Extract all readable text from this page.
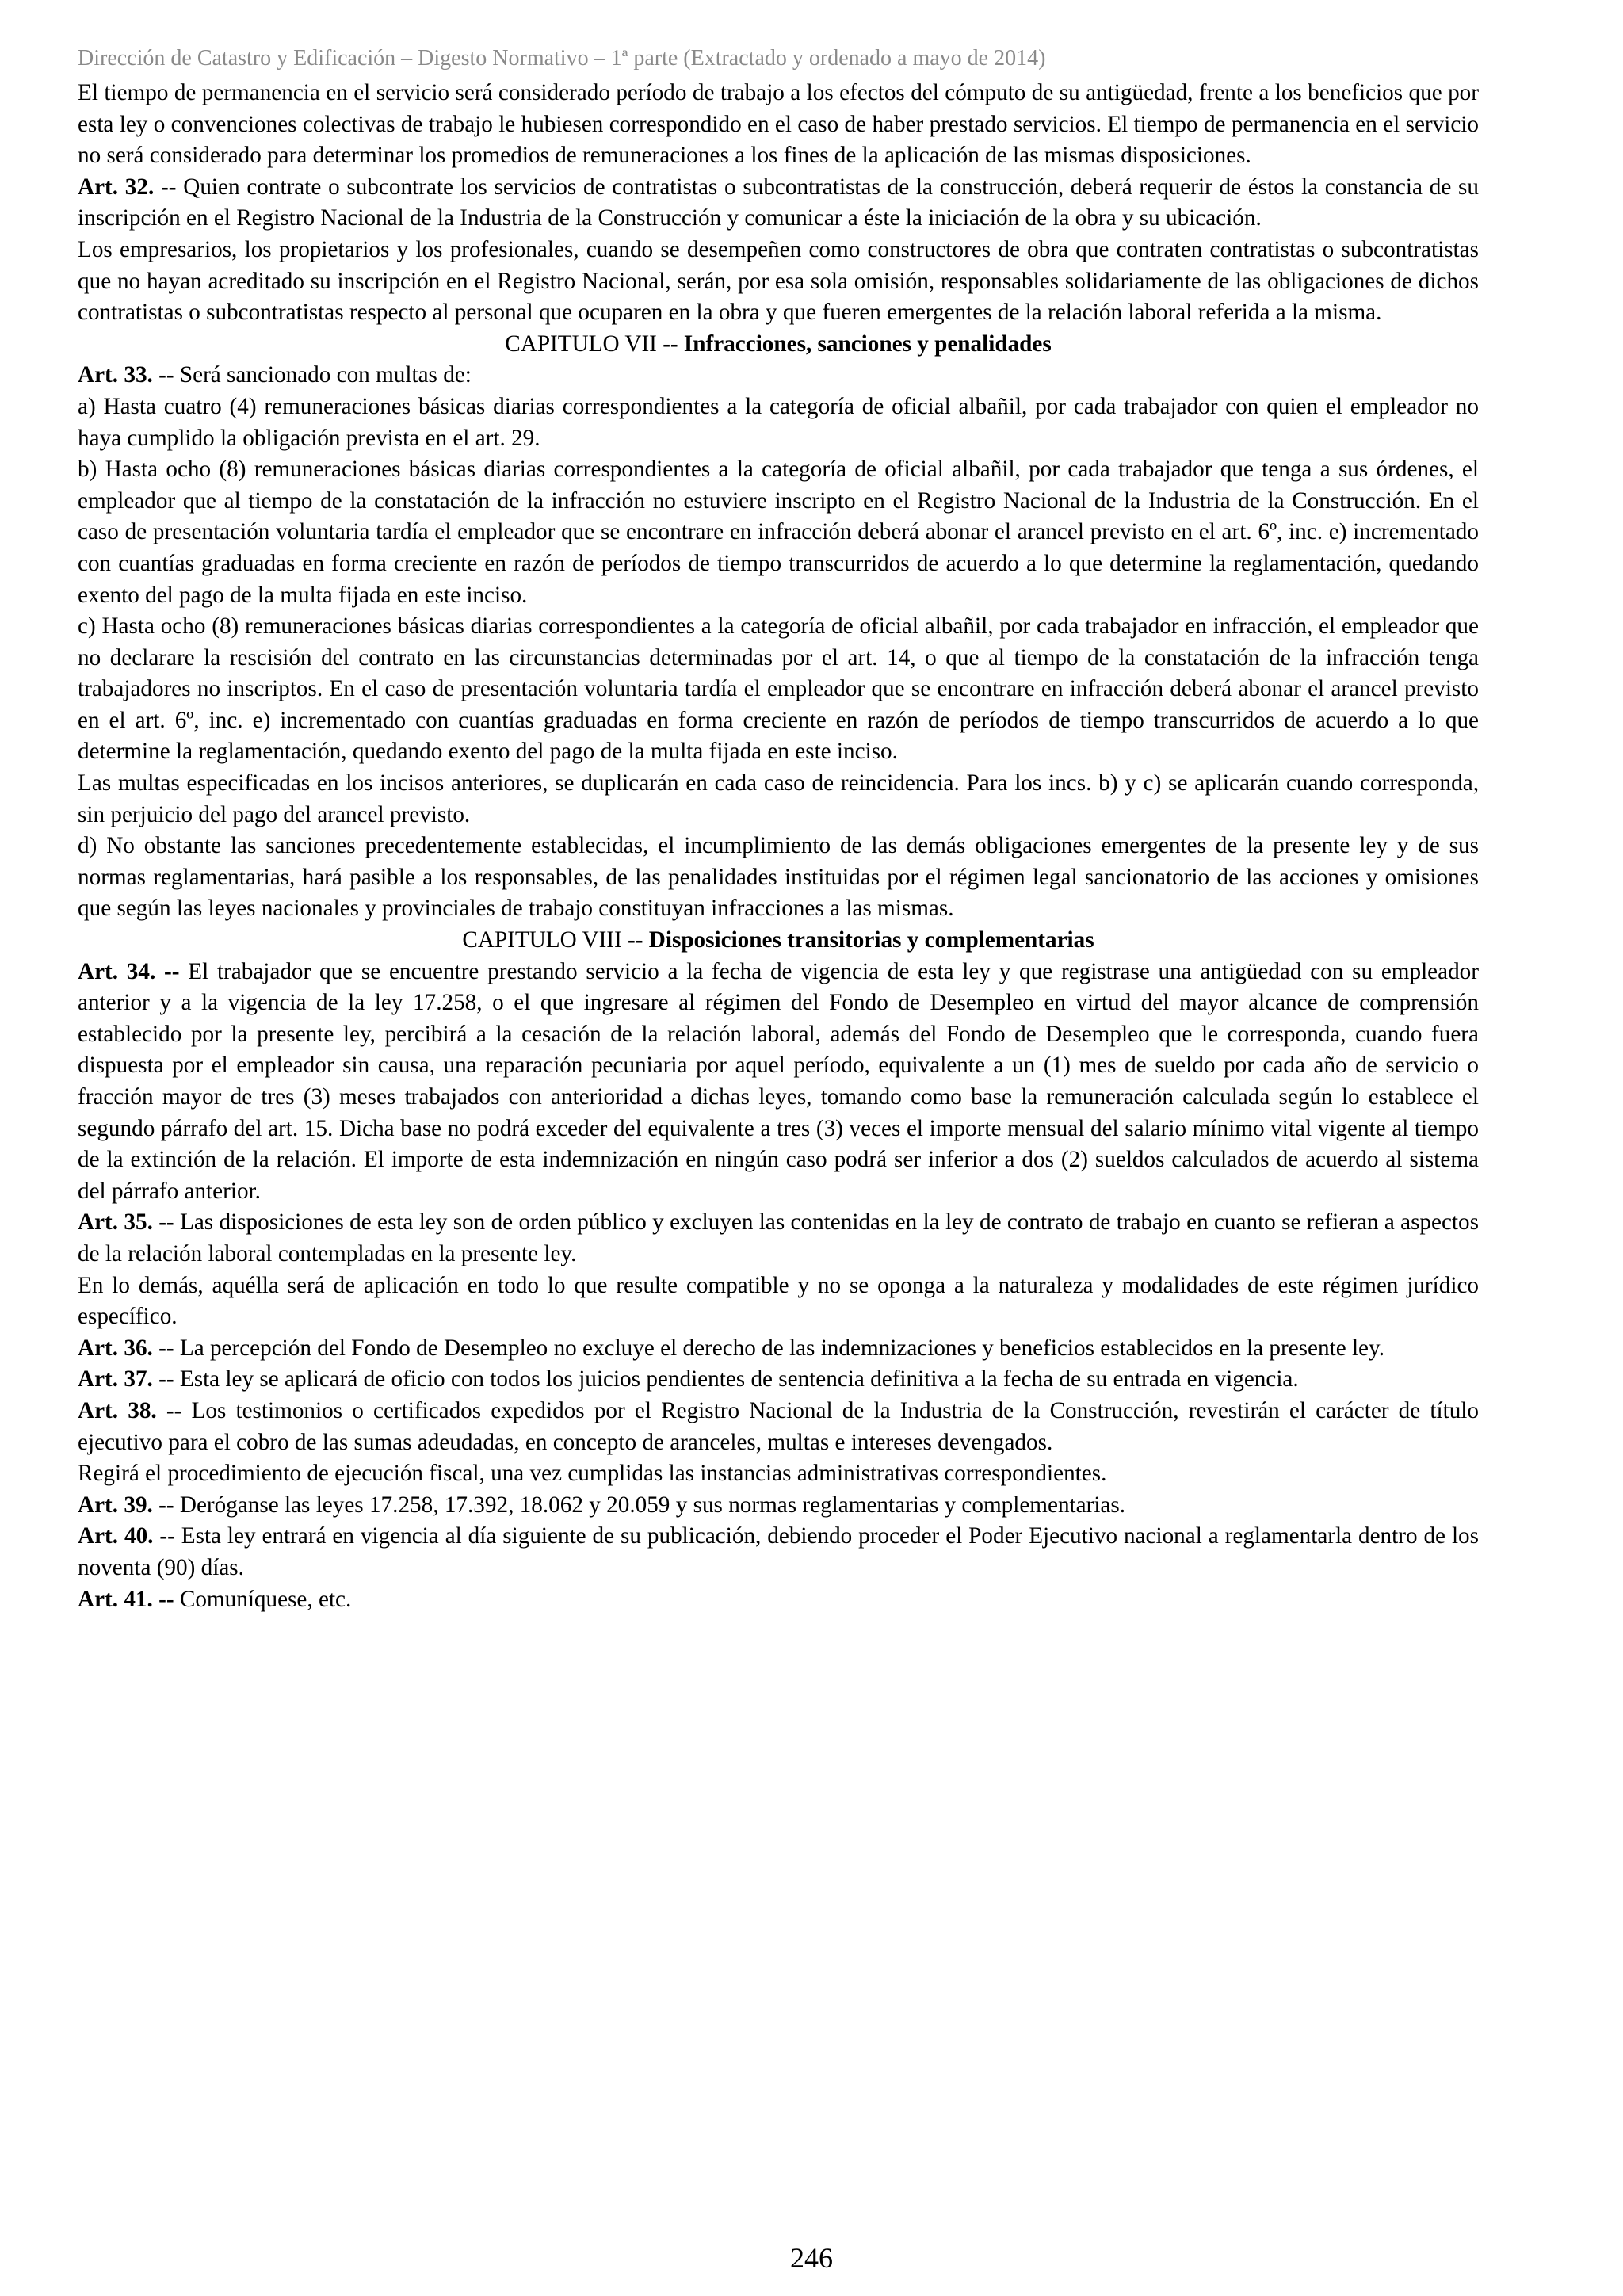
Dirección de Catastro y Edificación – Digesto Normativo – 1ª parte (Extractado y ordenado a mayo de 2014)

El tiempo de permanencia en el servicio será considerado período de trabajo a los efectos del cómputo de su antigüedad, frente a los beneficios que por esta ley o convenciones colectivas de trabajo le hubiesen correspondido en el caso de haber prestado servicios. El tiempo de permanencia en el servicio no será considerado para determinar los promedios de remuneraciones a los fines de la aplicación de las mismas disposiciones.

Art. 32. -- Quien contrate o subcontrate los servicios de contratistas o subcontratistas de la construcción, deberá requerir de éstos la constancia de su inscripción en el Registro Nacional de la Industria de la Construcción y comunicar a éste la iniciación de la obra y su ubicación.

Los empresarios, los propietarios y los profesionales, cuando se desempeñen como constructores de obra que contraten contratistas o subcontratistas que no hayan acreditado su inscripción en el Registro Nacional, serán, por esa sola omisión, responsables solidariamente de las obligaciones de dichos contratistas o subcontratistas respecto al personal que ocuparen en la obra y que fueren emergentes de la relación laboral referida a la misma.

CAPITULO VII -- Infracciones, sanciones y penalidades

Art. 33. -- Será sancionado con multas de:

a) Hasta cuatro (4) remuneraciones básicas diarias correspondientes a la categoría de oficial albañil, por cada trabajador con quien el empleador no haya cumplido la obligación prevista en el art. 29.

b) Hasta ocho (8) remuneraciones básicas diarias correspondientes a la categoría de oficial albañil, por cada trabajador que tenga a sus órdenes, el empleador que al tiempo de la constatación de la infracción no estuviere inscripto en el Registro Nacional de la Industria de la Construcción. En el caso de presentación voluntaria tardía el empleador que se encontrare en infracción deberá abonar el arancel previsto en el art. 6º, inc. e) incrementado con cuantías graduadas en forma creciente en razón de períodos de tiempo transcurridos de acuerdo a lo que determine la reglamentación, quedando exento del pago de la multa fijada en este inciso.

c) Hasta ocho (8) remuneraciones básicas diarias correspondientes a la categoría de oficial albañil, por cada trabajador en infracción, el empleador que no declarare la rescisión del contrato en las circunstancias determinadas por el art. 14, o que al tiempo de la constatación de la infracción tenga trabajadores no inscriptos. En el caso de presentación voluntaria tardía el empleador que se encontrare en infracción deberá abonar el arancel previsto en el art. 6º, inc. e) incrementado con cuantías graduadas en forma creciente en razón de períodos de tiempo transcurridos de acuerdo a lo que determine la reglamentación, quedando exento del pago de la multa fijada en este inciso.

Las multas especificadas en los incisos anteriores, se duplicarán en cada caso de reincidencia. Para los incs. b) y c) se aplicarán cuando corresponda, sin perjuicio del pago del arancel previsto.

d) No obstante las sanciones precedentemente establecidas, el incumplimiento de las demás obligaciones emergentes de la presente ley y de sus normas reglamentarias, hará pasible a los responsables, de las penalidades instituidas por el régimen legal sancionatorio de las acciones y omisiones que según las leyes nacionales y provinciales de trabajo constituyan infracciones a las mismas.

CAPITULO VIII -- Disposiciones transitorias y complementarias

Art. 34. -- El trabajador que se encuentre prestando servicio a la fecha de vigencia de esta ley y que registrase una antigüedad con su empleador anterior y a la vigencia de la ley 17.258, o el que ingresare al régimen del Fondo de Desempleo en virtud del mayor alcance de comprensión establecido por la presente ley, percibirá a la cesación de la relación laboral, además del Fondo de Desempleo que le corresponda, cuando fuera dispuesta por el empleador sin causa, una reparación pecuniaria por aquel período, equivalente a un (1) mes de sueldo por cada año de servicio o fracción mayor de tres (3) meses trabajados con anterioridad a dichas leyes, tomando como base la remuneración calculada según lo establece el segundo párrafo del art. 15. Dicha base no podrá exceder del equivalente a tres (3) veces el importe mensual del salario mínimo vital vigente al tiempo de la extinción de la relación. El importe de esta indemnización en ningún caso podrá ser inferior a dos (2) sueldos calculados de acuerdo al sistema del párrafo anterior.

Art. 35. -- Las disposiciones de esta ley son de orden público y excluyen las contenidas en la ley de contrato de trabajo en cuanto se refieran a aspectos de la relación laboral contempladas en la presente ley.

En lo demás, aquélla será de aplicación en todo lo que resulte compatible y no se oponga a la naturaleza y modalidades de este régimen jurídico específico.

Art. 36. -- La percepción del Fondo de Desempleo no excluye el derecho de las indemnizaciones y beneficios establecidos en la presente ley.

Art. 37. -- Esta ley se aplicará de oficio con todos los juicios pendientes de sentencia definitiva a la fecha de su entrada en vigencia.

Art. 38. -- Los testimonios o certificados expedidos por el Registro Nacional de la Industria de la Construcción, revestirán el carácter de título ejecutivo para el cobro de las sumas adeudadas, en concepto de aranceles, multas e intereses devengados.

Regirá el procedimiento de ejecución fiscal, una vez cumplidas las instancias administrativas correspondientes.

Art. 39. -- Deróganse las leyes 17.258, 17.392, 18.062 y 20.059 y sus normas reglamentarias y complementarias.

Art. 40. -- Esta ley entrará en vigencia al día siguiente de su publicación, debiendo proceder el Poder Ejecutivo nacional a reglamentarla dentro de los noventa (90) días.

Art. 41. -- Comuníquese, etc.

246
